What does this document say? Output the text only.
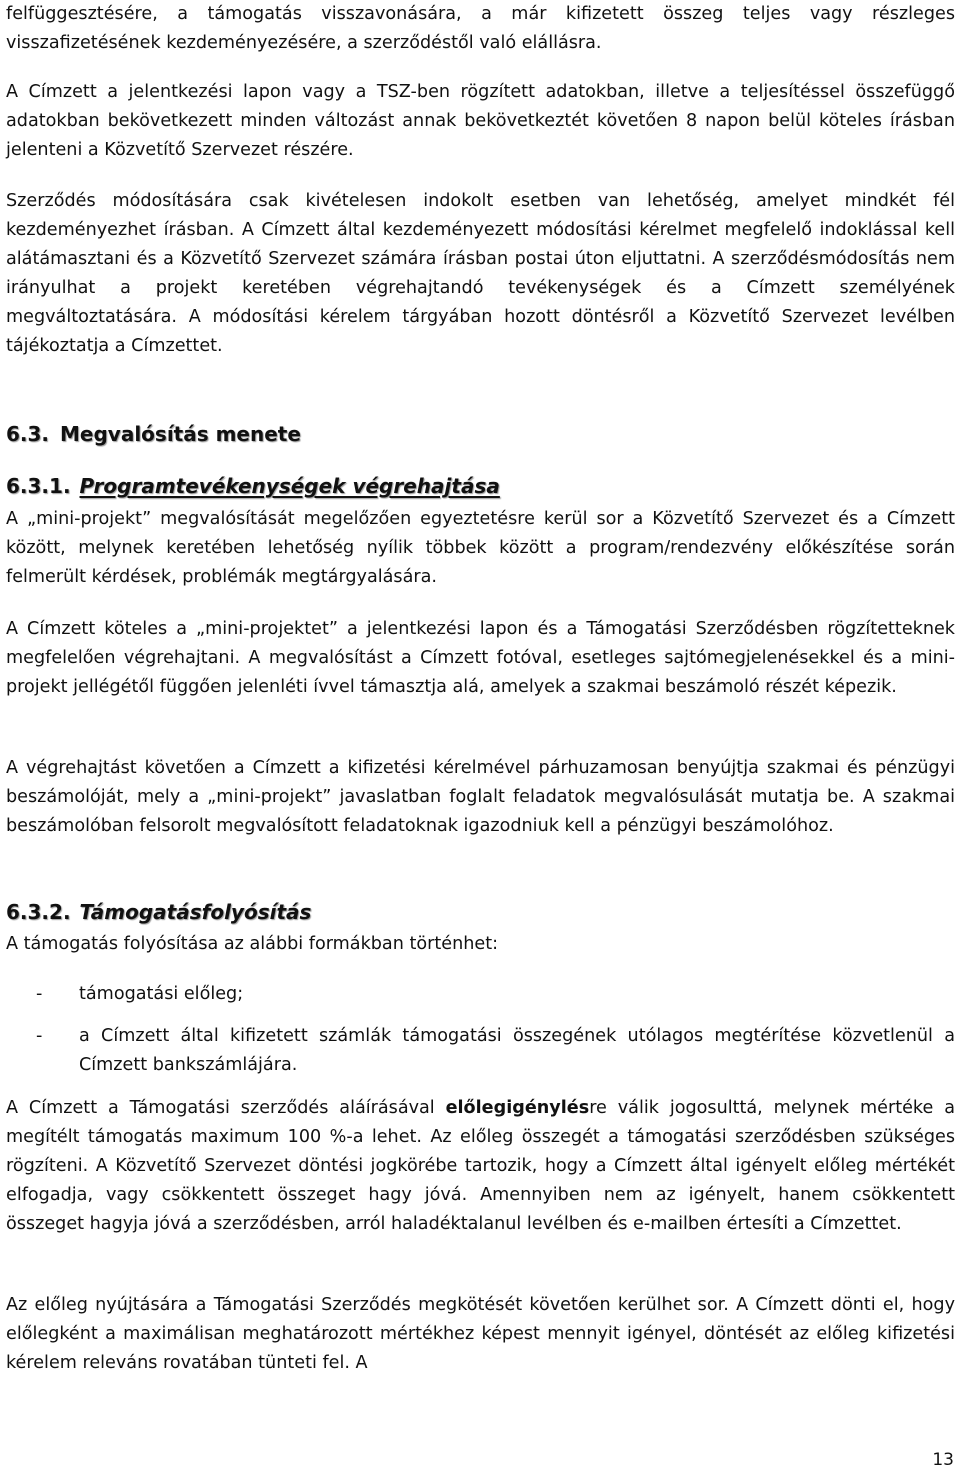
felfüggesztésére, a támogatás visszavonására, a már kifizetett összeg teljes vagy részleges visszafizetésének kezdeményezésére, a szerződéstől való elállásra.

A Címzett a jelentkezési lapon vagy a TSZ-ben rögzített adatokban, illetve a teljesítéssel összefüggő adatokban bekövetkezett minden változást annak bekövetkeztét követően 8 napon belül köteles írásban jelenteni a Közvetítő Szervezet részére.

Szerződés módosítására csak kivételesen indokolt esetben van lehetőség, amelyet mindkét fél kezdeményezhet írásban. A Címzett által kezdeményezett módosítási kérelmet megfelelő indoklással kell alátámasztani és a Közvetítő Szervezet számára írásban postai úton eljuttatni. A szerződésmódosítás nem irányulhat a projekt keretében végrehajtandó tevékenységek és a Címzett személyének megváltoztatására. A módosítási kérelem tárgyában hozott döntésről a Közvetítő Szervezet levélben tájékoztatja a Címzettet.

6.3. Megvalósítás menete
6.3.1. Programtevékenységek végrehajtása

A „mini-projekt” megvalósítását megelőzően egyeztetésre kerül sor a Közvetítő Szervezet és a Címzett között, melynek keretében lehetőség nyílik többek között a program/rendezvény előkészítése során felmerült kérdések, problémák megtárgyalására.

A Címzett köteles a „mini-projektet” a jelentkezési lapon és a Támogatási Szerződésben rögzítetteknek megfelelően végrehajtani. A megvalósítást a Címzett fotóval, esetleges sajtómegjelenésekkel és a mini-projekt jellégétől függően jelenléti ívvel támasztja alá, amelyek a szakmai beszámoló részét képezik.

A végrehajtást követően a Címzett a kifizetési kérelmével párhuzamosan benyújtja szakmai és pénzügyi beszámolóját, mely a „mini-projekt” javaslatban foglalt feladatok megvalósulását mutatja be. A szakmai beszámolóban felsorolt megvalósított feladatoknak igazodniuk kell a pénzügyi beszámolóhoz.

6.3.2. Támogatásfolyósítás

A támogatás folyósítása az alábbi formákban történhet:

- támogatási előleg;
- a Címzett által kifizetett számlák támogatási összegének utólagos megtérítése közvetlenül a Címzett bankszámlájára.

A Címzett a Támogatási szerződés aláírásával előlegigénylésre válik jogosulttá, melynek mértéke a megítélt támogatás maximum 100 %-a lehet. Az előleg összegét a támogatási szerződésben szükséges rögzíteni. A Közvetítő Szervezet döntési jogkörébe tartozik, hogy a Címzett által igényelt előleg mértékét elfogadja, vagy csökkentett összeget hagy jóvá. Amennyiben nem az igényelt, hanem csökkentett összeget hagyja jóvá a szerződésben, arról haladéktalanul levélben és e-mailben értesíti a Címzettet.

Az előleg nyújtására a Támogatási Szerződés megkötését követően kerülhet sor. A Címzett dönti el, hogy előlegként a maximálisan meghatározott mértékhez képest mennyit igényel, döntését az előleg kifizetési kérelem releváns rovatában tünteti fel. A

13
